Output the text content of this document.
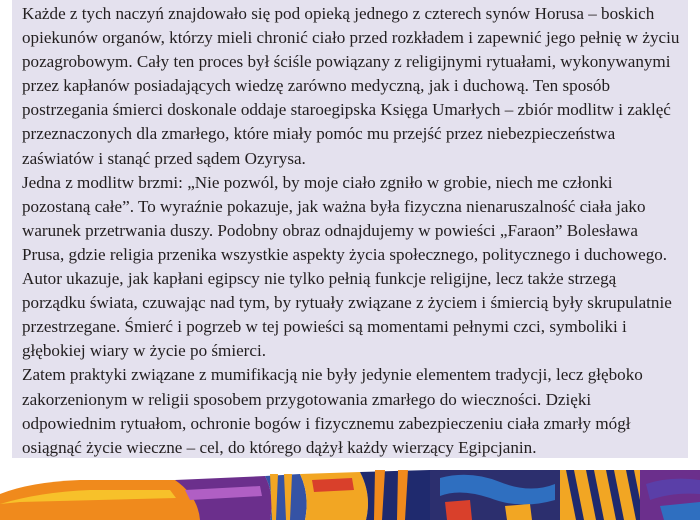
Każde z tych naczyń znajdowało się pod opieką jednego z czterech synów Horusa – boskich opiekunów organów, którzy mieli chronić ciało przed rozkładem i zapewnić jego pełnię w życiu pozagrobowym. Cały ten proces był ściśle powiązany z religijnymi rytuałami, wykonywanymi przez kapłanów posiadających wiedzę zarówno medyczną, jak i duchową. Ten sposób postrzegania śmierci doskonale oddaje staroegipska Księga Umarłych – zbiór modlitw i zaklęć przeznaczonych dla zmarłego, które miały pomóc mu przejść przez niebezpieczeństwa zaświatów i stanąć przed sądem Ozyrysa.

Jedna z modlitw brzmi: „Nie pozwól, by moje ciało zgniło w grobie, niech me członki pozostaną całe”. To wyraźnie pokazuje, jak ważna była fizyczna nienaruszalność ciała jako warunek przetrwania duszy. Podobny obraz odnajdujemy w powieści „Faraon” Bolesława Prusa, gdzie religia przenika wszystkie aspekty życia społecznego, politycznego i duchowego. Autor ukazuje, jak kapłani egipscy nie tylko pełnią funkcje religijne, lecz także strzegą porządku świata, czuwając nad tym, by rytuały związane z życiem i śmiercią były skrupulatnie przestrzegane. Śmierć i pogrzeb w tej powieści są momentami pełnymi czci, symboliki i głębokiej wiary w życie po śmierci.

Zatem praktyki związane z mumifikacją nie były jedynie elementem tradycji, lecz głęboko zakorzenionym w religii sposobem przygotowania zmarłego do wieczności. Dzięki odpowiednim rytuałom, ochronie bogów i fizycznemu zabezpieczeniu ciała zmarły mógł osiągnąć życie wieczne – cel, do którego dążył każdy wierzący Egipcjanin.
